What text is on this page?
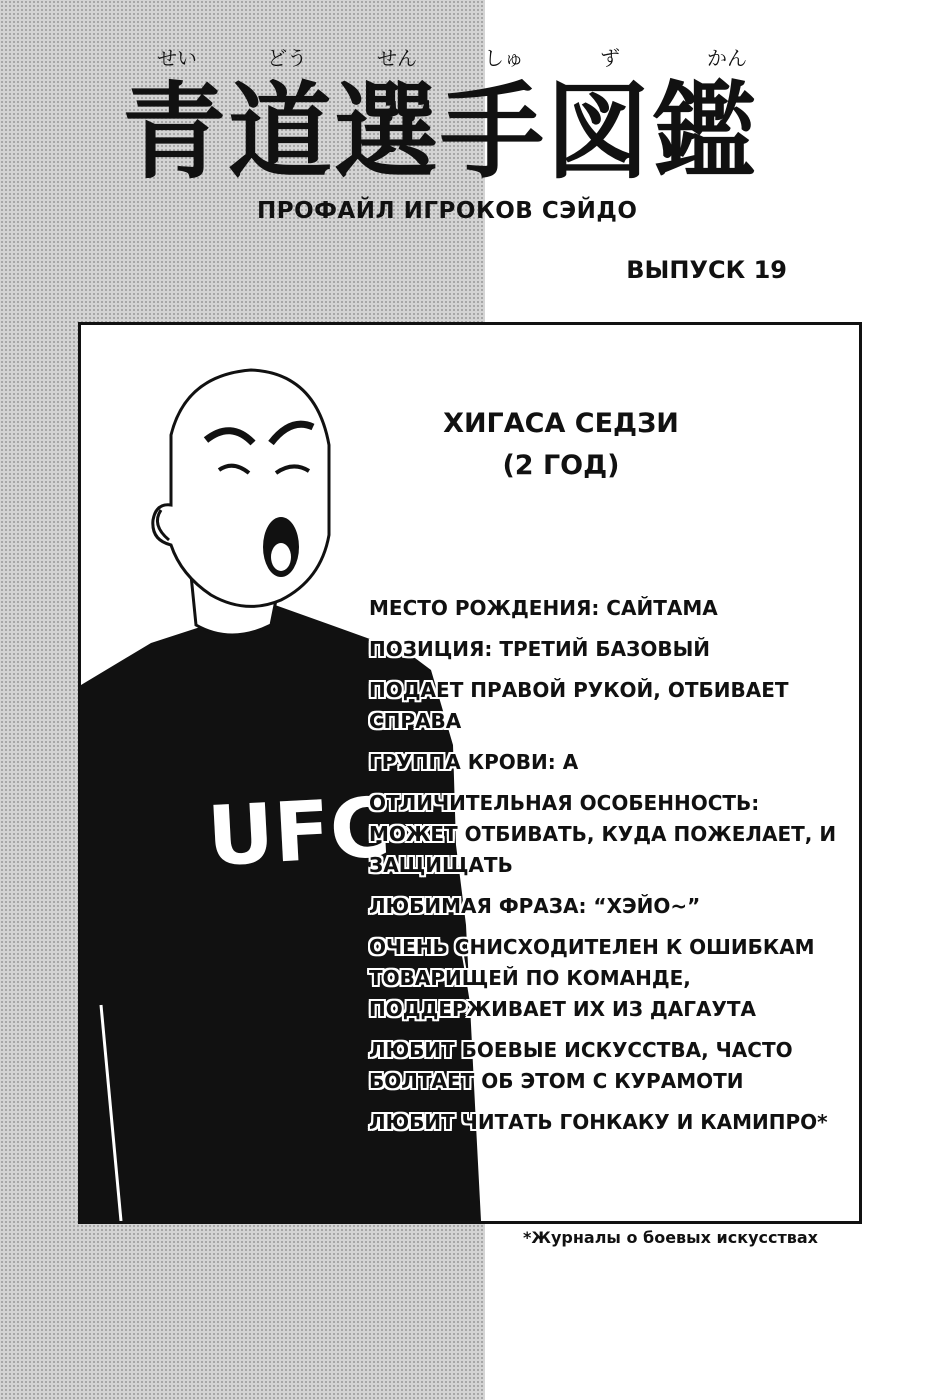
せい	どう	せん	しゅ	ず	かん
青道選手図鑑
ПРОФАЙЛ ИГРОКОВ СЭЙДО
ВЫПУСК 19
UFC
ХИГАСА СЕДЗИ
(2 ГОД)
МЕСТО РОЖДЕНИЯ: САЙТАМА
ПОЗИЦИЯ: ТРЕТИЙ БАЗОВЫЙ
ПОДАЕТ ПРАВОЙ РУКОЙ, ОТБИВАЕТ СПРАВА
ГРУППА КРОВИ: А
ОТЛИЧИТЕЛЬНАЯ ОСОБЕННОСТЬ: МОЖЕТ ОТБИВАТЬ, КУДА ПОЖЕЛАЕТ, И ЗАЩИЩАТЬ
ЛЮБИМАЯ ФРАЗА: “ХЭЙО~”
ОЧЕНЬ СНИСХОДИТЕЛЕН К ОШИБКАМ ТОВАРИЩЕЙ ПО КОМАНДЕ, ПОДДЕРЖИВАЕТ ИХ ИЗ ДАГАУТА
ЛЮБИТ БОЕВЫЕ ИСКУССТВА, ЧАСТО БОЛТАЕТ ОБ ЭТОМ С КУРАМОТИ
ЛЮБИТ ЧИТАТЬ ГОНКАКУ И КАМИПРО*
*Журналы о боевых искусствах
